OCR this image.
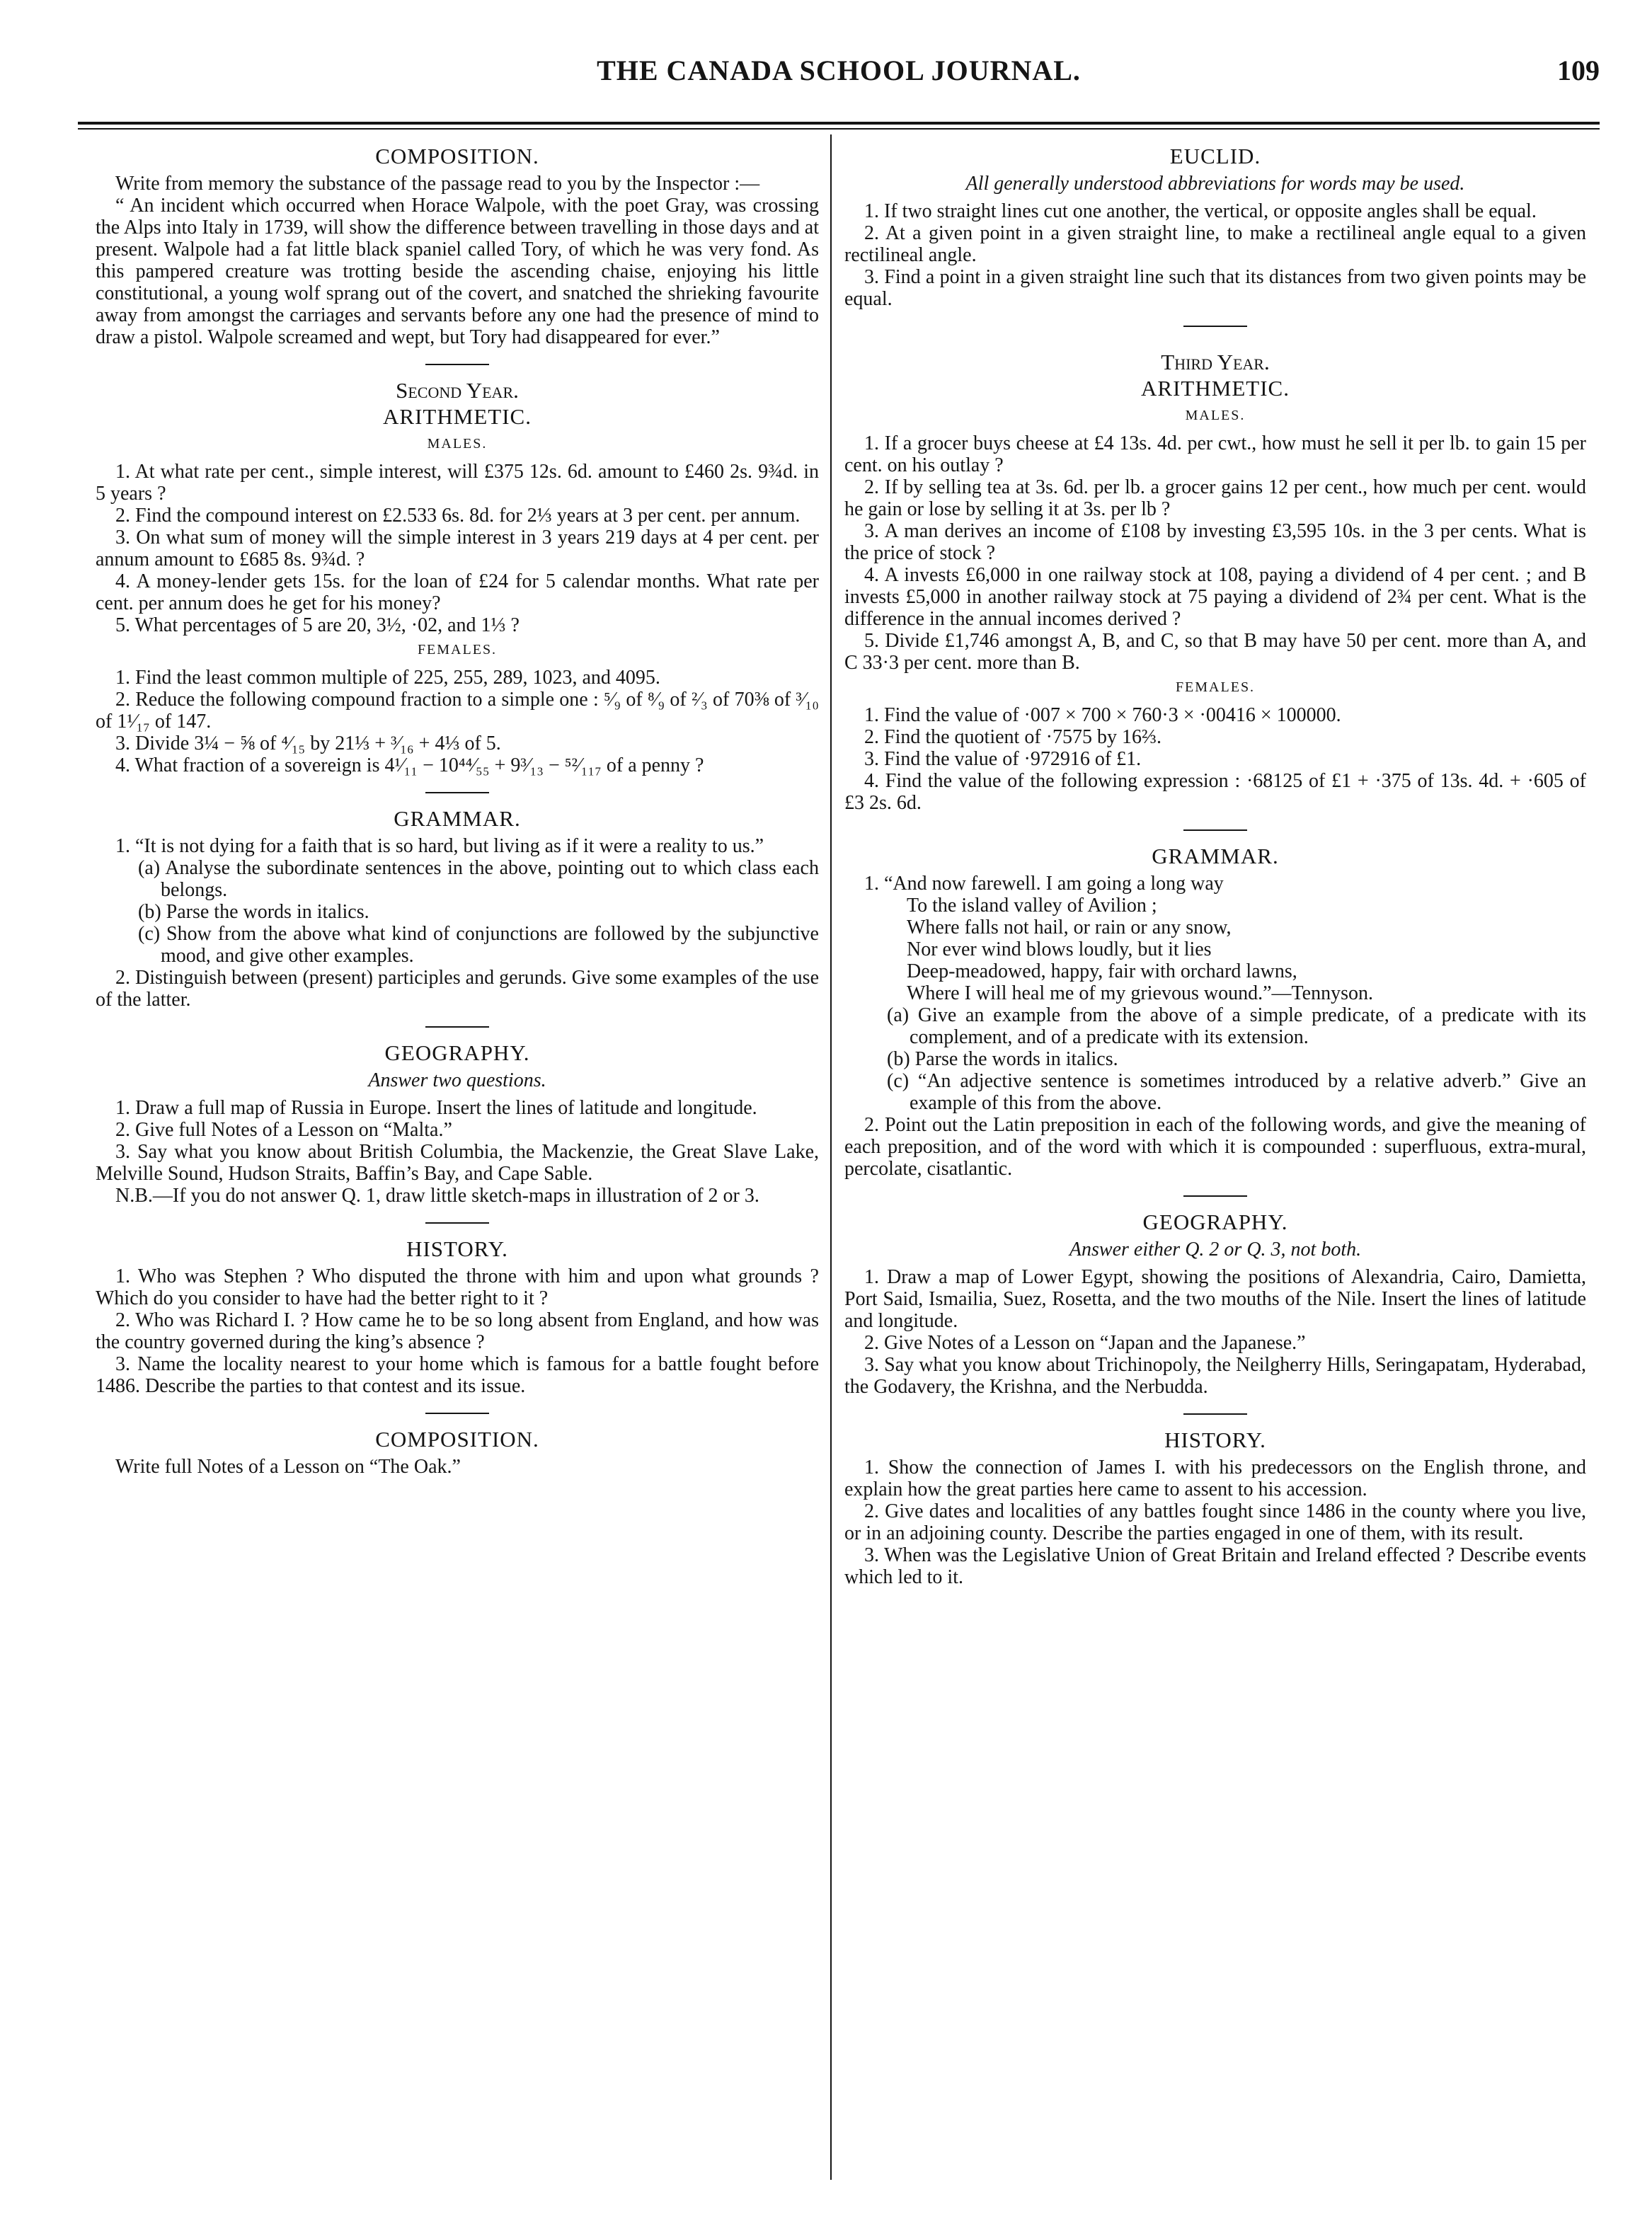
THE CANADA SCHOOL JOURNAL.	109
COMPOSITION.

Write from memory the substance of the passage read to you by the Inspector :—

“ An incident which occurred when Horace Walpole, with the poet Gray, was crossing the Alps into Italy in 1739, will show the difference between travelling in those days and at present. Walpole had a fat little black spaniel called Tory, of which he was very fond. As this pampered creature was trotting beside the ascending chaise, enjoying his little constitutional, a young wolf sprang out of the covert, and snatched the shrieking favourite away from amongst the carriages and servants before any one had the presence of mind to draw a pistol. Walpole screamed and wept, but Tory had disappeared for ever.”

Second Year.
ARITHMETIC.
MALES.

1. At what rate per cent., simple interest, will £375 12s. 6d. amount to £460 2s. 9¾d. in 5 years ?

2. Find the compound interest on £2.533 6s. 8d. for 2⅓ years at 3 per cent. per annum.

3. On what sum of money will the simple interest in 3 years 219 days at 4 per cent. per annum amount to £685 8s. 9¾d. ?

4. A money-lender gets 15s. for the loan of £24 for 5 calendar months. What rate per cent. per annum does he get for his money?

5. What percentages of 5 are 20, 3½, ·02, and 1⅓ ?

FEMALES.

1. Find the least common multiple of 225, 255, 289, 1023, and 4095.

2. Reduce the following compound fraction to a simple one : ⁵⁄₉ of ⁸⁄₉ of ²⁄₃ of 70⅜ of ³⁄₁₀ of 1¹⁄₁₇ of 147.

3. Divide 3¼ − ⅝ of ⁴⁄₁₅ by 21⅓ + ³⁄₁₆ + 4⅓ of 5.

4. What fraction of a sovereign is 4¹⁄₁₁ − 10⁴⁴⁄₅₅ + 9³⁄₁₃ − ⁵²⁄₁₁₇ of a penny ?

GRAMMAR.

1. “It is not dying for a faith that is so hard, but living as if it were a reality to us.”

(a) Analyse the subordinate sentences in the above, pointing out to which class each belongs.

(b) Parse the words in italics.

(c) Show from the above what kind of conjunctions are followed by the subjunctive mood, and give other examples.

2. Distinguish between (present) participles and gerunds. Give some examples of the use of the latter.

GEOGRAPHY.
Answer two questions.

1. Draw a full map of Russia in Europe. Insert the lines of latitude and longitude.

2. Give full Notes of a Lesson on “Malta.”

3. Say what you know about British Columbia, the Mackenzie, the Great Slave Lake, Melville Sound, Hudson Straits, Baffin’s Bay, and Cape Sable.

N.B.—If you do not answer Q. 1, draw little sketch-maps in illustration of 2 or 3.

HISTORY.

1. Who was Stephen ? Who disputed the throne with him and upon what grounds ? Which do you consider to have had the better right to it ?

2. Who was Richard I. ? How came he to be so long absent from England, and how was the country governed during the king’s absence ?

3. Name the locality nearest to your home which is famous for a battle fought before 1486. Describe the parties to that contest and its issue.

COMPOSITION.

Write full Notes of a Lesson on “The Oak.”

EUCLID.
All generally understood abbreviations for words may be used.

1. If two straight lines cut one another, the vertical, or opposite angles shall be equal.

2. At a given point in a given straight line, to make a rectilineal angle equal to a given rectilineal angle.

3. Find a point in a given straight line such that its distances from two given points may be equal.

Third Year.
ARITHMETIC.
MALES.

1. If a grocer buys cheese at £4 13s. 4d. per cwt., how must he sell it per lb. to gain 15 per cent. on his outlay ?

2. If by selling tea at 3s. 6d. per lb. a grocer gains 12 per cent., how much per cent. would he gain or lose by selling it at 3s. per lb ?

3. A man derives an income of £108 by investing £3,595 10s. in the 3 per cents. What is the price of stock ?

4. A invests £6,000 in one railway stock at 108, paying a dividend of 4 per cent. ; and B invests £5,000 in another railway stock at 75 paying a dividend of 2¾ per cent. What is the difference in the annual incomes derived ?

5. Divide £1,746 amongst A, B, and C, so that B may have 50 per cent. more than A, and C 33·3 per cent. more than B.

FEMALES.

1. Find the value of ·007 × 700 × 760·3 × ·00416 × 100000.

2. Find the quotient of ·7575 by 16⅔.

3. Find the value of ·972916 of £1.

4. Find the value of the following expression : ·68125 of £1 + ·375 of 13s. 4d. + ·605 of £3 2s. 6d.

GRAMMAR.

1. “And now farewell. I am going a long way

To the island valley of Avilion ;

Where falls not hail, or rain or any snow,

Nor ever wind blows loudly, but it lies

Deep-meadowed, happy, fair with orchard lawns,

Where I will heal me of my grievous wound.”—Tennyson.

(a) Give an example from the above of a simple predicate, of a predicate with its complement, and of a predicate with its extension.

(b) Parse the words in italics.

(c) “An adjective sentence is sometimes introduced by a relative adverb.” Give an example of this from the above.

2. Point out the Latin preposition in each of the following words, and give the meaning of each preposition, and of the word with which it is compounded : superfluous, extra-mural, percolate, cisatlantic.

GEOGRAPHY.
Answer either Q. 2 or Q. 3, not both.

1. Draw a map of Lower Egypt, showing the positions of Alexandria, Cairo, Damietta, Port Said, Ismailia, Suez, Rosetta, and the two mouths of the Nile. Insert the lines of latitude and longitude.

2. Give Notes of a Lesson on “Japan and the Japanese.”

3. Say what you know about Trichinopoly, the Neilgherry Hills, Seringapatam, Hyderabad, the Godavery, the Krishna, and the Nerbudda.

HISTORY.

1. Show the connection of James I. with his predecessors on the English throne, and explain how the great parties here came to assent to his accession.

2. Give dates and localities of any battles fought since 1486 in the county where you live, or in an adjoining county. Describe the parties engaged in one of them, with its result.

3. When was the Legislative Union of Great Britain and Ireland effected ? Describe events which led to it.
